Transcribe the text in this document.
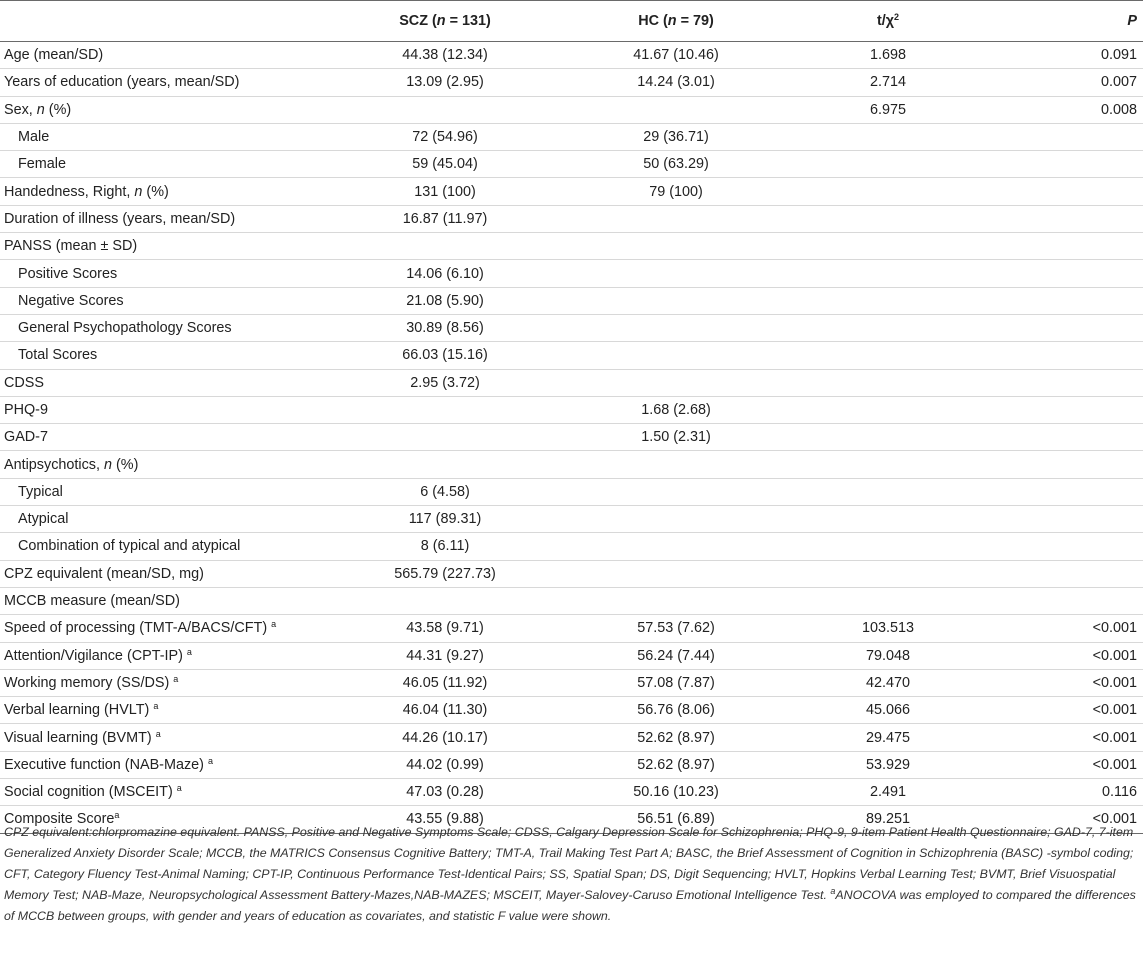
	SCZ (n = 131)	HC (n = 79)	$t/\chi^2$	P
Age (mean/SD)	44.38 (12.34)	41.67 (10.46)	1.698	0.091
Years of education (years, mean/SD)	13.09 (2.95)	14.24 (3.01)	2.714	0.007
Sex, n (%)			6.975	0.008
Male	72 (54.96)	29 (36.71)		
Female	59 (45.04)	50 (63.29)		
Handedness, Right, n (%)	131 (100)	79 (100)		
Duration of illness (years, mean/SD)	16.87 (11.97)			
PANSS (mean ± SD)				
Positive Scores	14.06 (6.10)			
Negative Scores	21.08 (5.90)			
General Psychopathology Scores	30.89 (8.56)			
Total Scores	66.03 (15.16)			
CDSS	2.95 (3.72)			
PHQ-9		1.68 (2.68)		
GAD-7		1.50 (2.31)		
Antipsychotics, n (%)				
Typical	6 (4.58)			
Atypical	117 (89.31)			
Combination of typical and atypical	8 (6.11)			
CPZ equivalent (mean/SD, mg)	565.79 (227.73)			
MCCB measure (mean/SD)				
Speed of processing (TMT-A/BACS/CFT) $^a$	43.58 (9.71)	57.53 (7.62)	103.513	<0.001
Attention/Vigilance (CPT-IP) $^a$	44.31 (9.27)	56.24 (7.44)	79.048	<0.001
Working memory (SS/DS) $^a$	46.05 (11.92)	57.08 (7.87)	42.470	<0.001
Verbal learning (HVLT) $^a$	46.04 (11.30)	56.76 (8.06)	45.066	<0.001
Visual learning (BVMT) $^a$	44.26 (10.17)	52.62 (8.97)	29.475	<0.001
Executive function (NAB-Maze) $^a$	44.02 (0.99)	52.62 (8.97)	53.929	<0.001
Social cognition (MSCEIT) $^a$	47.03 (0.28)	50.16 (10.23)	2.491	0.116
Composite Score$^a$	43.55 (9.88)	56.51 (6.89)	89.251	<0.001
CPZ equivalent:chlorpromazine equivalent. PANSS, Positive and Negative Symptoms Scale; CDSS, Calgary Depression Scale for Schizophrenia; PHQ-9, 9-item Patient Health Questionnaire; GAD-7, 7-item Generalized Anxiety Disorder Scale; MCCB, the MATRICS Consensus Cognitive Battery; TMT-A, Trail Making Test Part A; BASC, the Brief Assessment of Cognition in Schizophrenia (BASC) -symbol coding; CFT, Category Fluency Test-Animal Naming; CPT-IP, Continuous Performance Test-Identical Pairs; SS, Spatial Span; DS, Digit Sequencing; HVLT, Hopkins Verbal Learning Test; BVMT, Brief Visuospatial Memory Test; NAB-Maze, Neuropsychological Assessment Battery-Mazes,NAB-MAZES; MSCEIT, Mayer-Salovey-Caruso Emotional Intelligence Test. $^a$ANOCOVA was employed to compared the differences of MCCB between groups, with gender and years of education as covariates, and statistic F value were shown.
